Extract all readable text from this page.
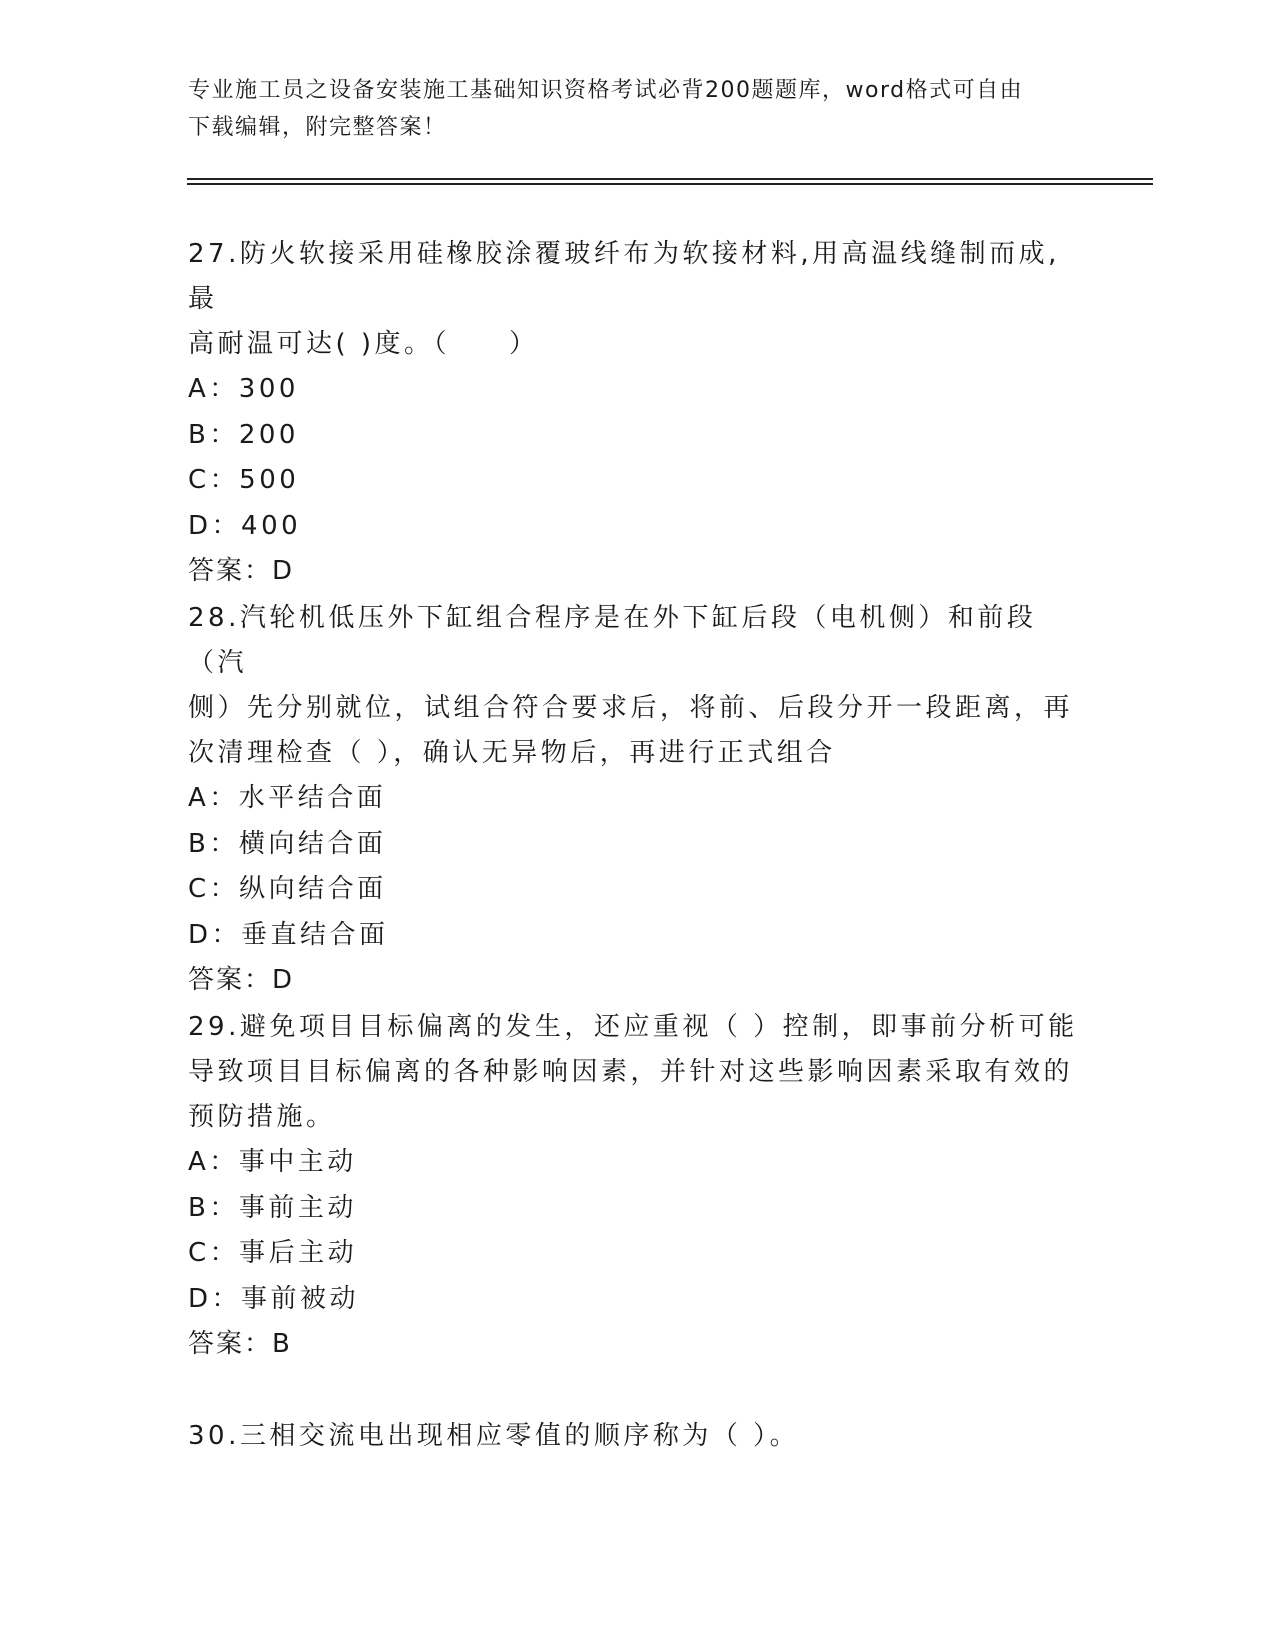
专业施工员之设备安装施工基础知识资格考试必背200题题库，word格式可自由
下载编辑，附完整答案！

27.防火软接采用硅橡胶涂覆玻纤布为软接材料,用高温线缝制而成,最

高耐温可达( )度。（　　）

A：300

B：200

C：500

D：400

答案：D

28.汽轮机低压外下缸组合程序是在外下缸后段（电机侧）和前段（汽

侧）先分别就位，试组合符合要求后，将前、后段分开一段距离，再

次清理检查（ ），确认无异物后，再进行正式组合

A：水平结合面

B：横向结合面

C：纵向结合面

D：垂直结合面

答案：D

29.避免项目目标偏离的发生，还应重视（ ）控制，即事前分析可能

导致项目目标偏离的各种影响因素，并针对这些影响因素采取有效的

预防措施。

A：事中主动

B：事前主动

C：事后主动

D：事前被动

答案：B

30.三相交流电出现相应零值的顺序称为（ ）。
